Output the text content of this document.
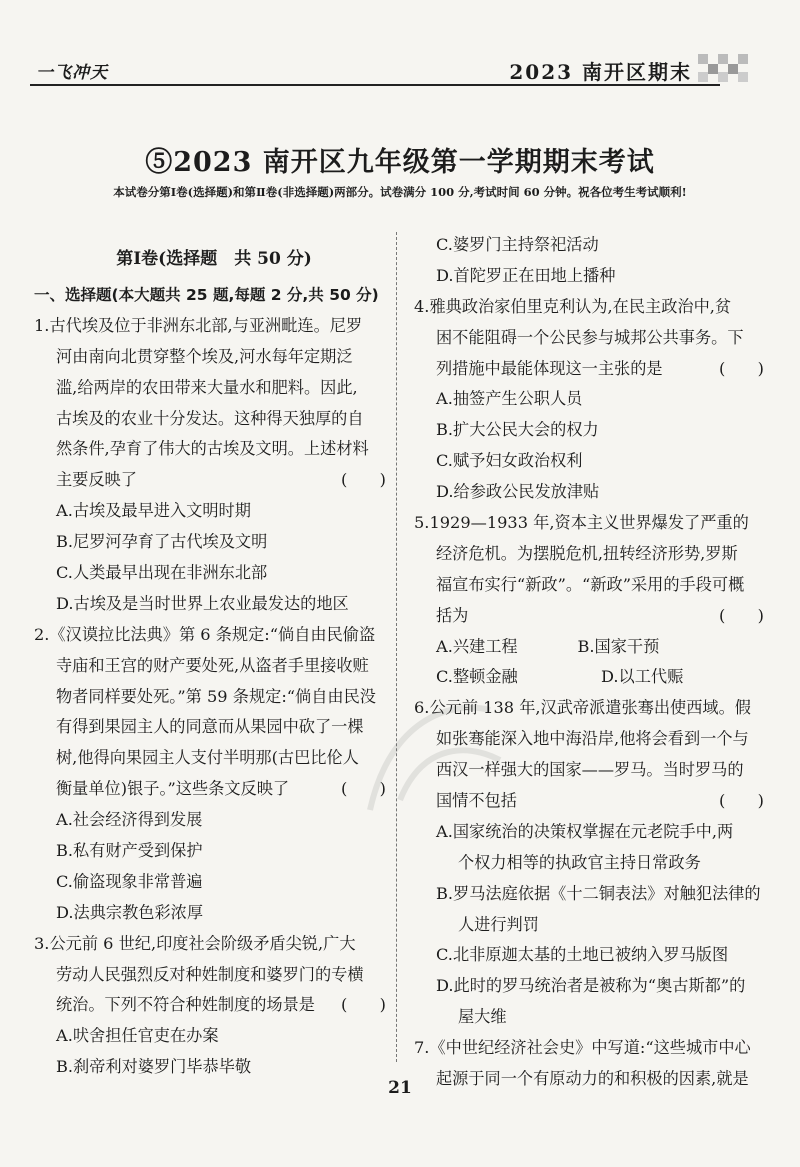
一飞冲天	2023 南开区期末
⑤2023 南开区九年级第一学期期末考试
本试卷分第Ⅰ卷(选择题)和第Ⅱ卷(非选择题)两部分。试卷满分 100 分,考试时间 60 分钟。祝各位考生考试顺利!
第Ⅰ卷(选择题　共 50 分)
一、选择题(本大题共 25 题,每题 2 分,共 50 分)
1.古代埃及位于非洲东北部,与亚洲毗连。尼罗
河由南向北贯穿整个埃及,河水每年定期泛
滥,给两岸的农田带来大量水和肥料。因此,
古埃及的农业十分发达。这种得天独厚的自
然条件,孕育了伟大的古埃及文明。上述材料
主要反映了	(　　)
A.古埃及最早进入文明时期
B.尼罗河孕育了古代埃及文明
C.人类最早出现在非洲东北部
D.古埃及是当时世界上农业最发达的地区
2.《汉谟拉比法典》第 6 条规定:“倘自由民偷盗
寺庙和王宫的财产要处死,从盗者手里接收赃
物者同样要处死。”第 59 条规定:“倘自由民没
有得到果园主人的同意而从果园中砍了一棵
树,他得向果园主人支付半明那(古巴比伦人
衡量单位)银子。”这些条文反映了	(　　)
A.社会经济得到发展
B.私有财产受到保护
C.偷盗现象非常普遍
D.法典宗教色彩浓厚
3.公元前 6 世纪,印度社会阶级矛盾尖锐,广大
劳动人民强烈反对种姓制度和婆罗门的专横
统治。下列不符合种姓制度的场景是 (　　)
A.吠舍担任官吏在办案
B.刹帝利对婆罗门毕恭毕敬
C.婆罗门主持祭祀活动
D.首陀罗正在田地上播种
4.雅典政治家伯里克利认为,在民主政治中,贫
困不能阻碍一个公民参与城邦公共事务。下
列措施中最能体现这一主张的是	(　　)
A.抽签产生公职人员
B.扩大公民大会的权力
C.赋予妇女政治权利
D.给参政公民发放津贴
5.1929—1933 年,资本主义世界爆发了严重的
经济危机。为摆脱危机,扭转经济形势,罗斯
福宣布实行“新政”。“新政”采用的手段可概
括为	(　　)
A.兴建工程	B.国家干预
C.整顿金融	D.以工代赈
6.公元前 138 年,汉武帝派遣张骞出使西域。假
如张骞能深入地中海沿岸,他将会看到一个与
西汉一样强大的国家——罗马。当时罗马的
国情不包括	(　　)
A.国家统治的决策权掌握在元老院手中,两
个权力相等的执政官主持日常政务
B.罗马法庭依据《十二铜表法》对触犯法律的
人进行判罚
C.北非原迦太基的土地已被纳入罗马版图
D.此时的罗马统治者是被称为“奥古斯都”的
屋大维
7.《中世纪经济社会史》中写道:“这些城市中心
起源于同一个有原动力的和积极的因素,就是
21
